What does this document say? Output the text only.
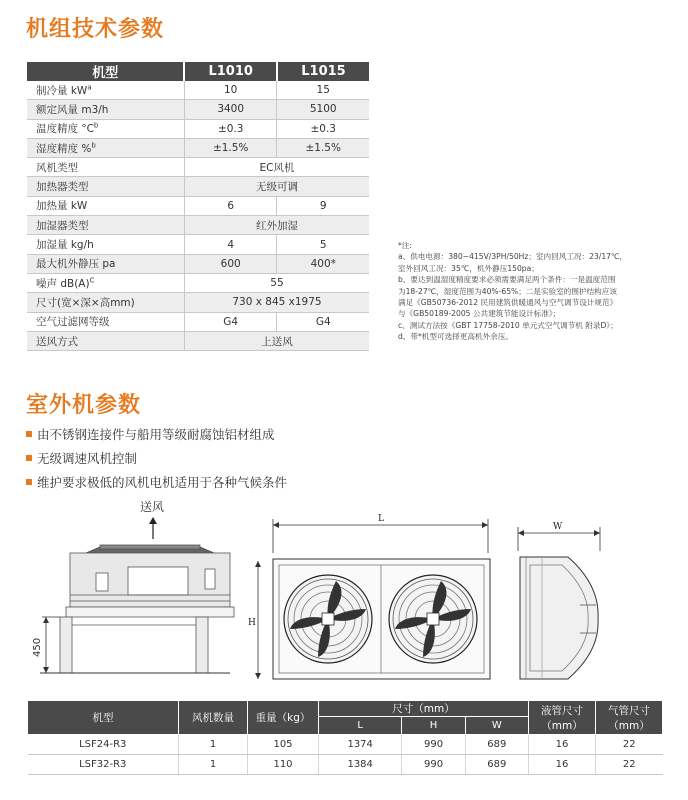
机组技术参数
机型	L1010	L1015
制冷量 $kW^a$	10	15
额定风量 m3/h	3400	5100
温度精度 $^\circ C^b$	±0.3	±0.3
湿度精度 %$^b$	±1.5%	±1.5%
风机类型	EC风机	
加热器类型	无级可调	
加热量 kW	6	9
加湿器类型	红外加湿	
加湿量 kg/h	4	5
最大机外静压 pa	600	400*
噪声 $dB(A)^C$	55	
尺寸(宽×深×高mm)	730 x 845 x1975	
空气过滤网等级	G4	G4
送风方式	上送风	
*注:
a、供电电源：380~415V/3PH/50Hz；室内回风工况：23/17℃，
室外回风工况：35℃，机外静压150pa；
b、要达到温湿度精度要求必须需要满足两个条件：一是温度范围
为18-27℃，湿度范围为40%-65%；二是实验室的围护结构应该
满足《GB50736-2012 民用建筑供暖通风与空气调节设计规范》
与《GB50189-2005 公共建筑节能设计标准》；
c、测试方法按《GBT 17758-2010 单元式空气调节机 附录D》；
d、带*机型可选择更高机外余压。
室外机参数
由不锈钢连接件与船用等级耐腐蚀铝材组成
无级调速风机控制
维护要求极低的风机电机适用于各种气候条件
送风
450
L
H
W
机型	风机数量	重量（kg）	尺寸（mm）			液管尺寸（mm）	气管尺寸（mm）
			L	H	W		
LSF24-R3	1	105	1374	990	689	16	22
LSF32-R3	1	110	1384	990	689	16	22
